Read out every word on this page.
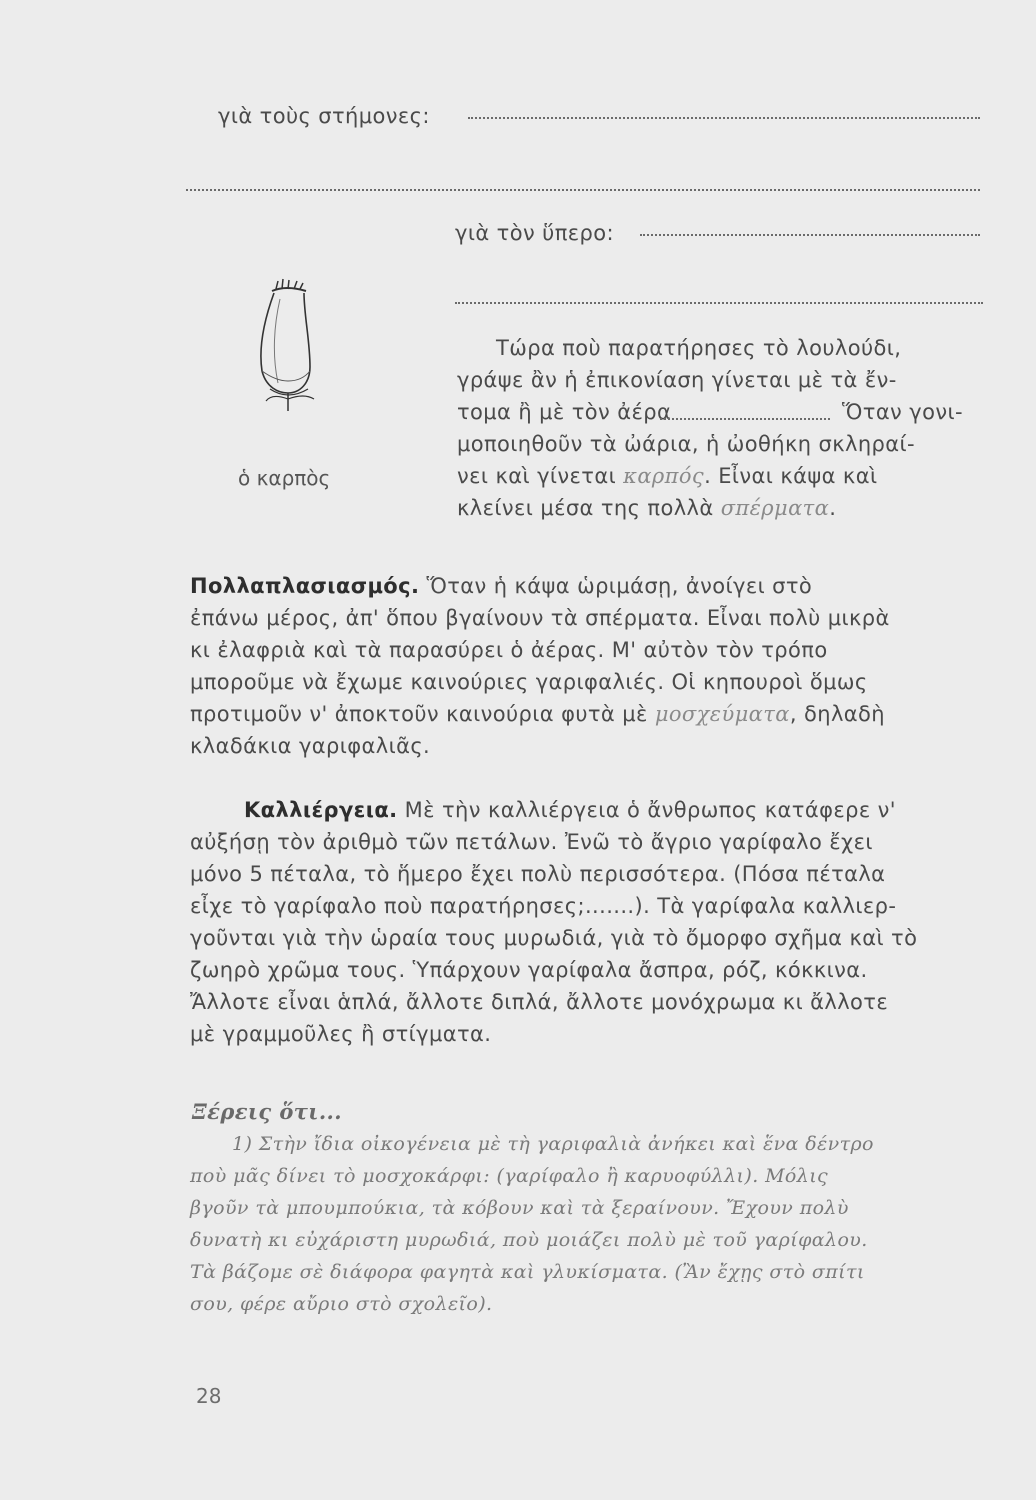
γιὰ τοὺς στήμονες:
γιὰ τὸν ὕπερο:
ὁ καρπὸς
Τώρα ποὺ παρατήρησες τὸ λουλούδι,
γράψε ἂν ἡ ἐπικονίαση γίνεται μὲ τὰ ἔν-
τομα ἢ μὲ τὸν ἀέρα	Ὅταν γονι-
μοποιηθοῦν τὰ ὠάρια, ἡ ὠοθήκη σκληραί-
νει καὶ γίνεται καρπός. Εἶναι κάψα καὶ
κλείνει μέσα της πολλὰ σπέρματα.
Πολλαπλασιασμός. Ὅταν ἡ κάψα ὡριμάσῃ, ἀνοίγει στὸ
ἐπάνω μέρος, ἀπ' ὅπου βγαίνουν τὰ σπέρματα. Εἶναι πολὺ μικρὰ
κι ἐλαφριὰ καὶ τὰ παρασύρει ὁ ἀέρας. Μ' αὐτὸν τὸν τρόπο
μποροῦμε νὰ ἔχωμε καινούριες γαριφαλιές. Οἱ κηπουροὶ ὅμως
προτιμοῦν ν' ἀποκτοῦν καινούρια φυτὰ μὲ μοσχεύματα, δηλαδὴ
κλαδάκια γαριφαλιᾶς.
Καλλιέργεια. Μὲ τὴν καλλιέργεια ὁ ἄνθρωπος κατάφερε ν'
αὐξήσῃ τὸν ἀριθμὸ τῶν πετάλων. Ἐνῶ τὸ ἄγριο γαρίφαλο ἔχει
μόνο 5 πέταλα, τὸ ἥμερο ἔχει πολὺ περισσότερα. (Πόσα πέταλα
εἶχε τὸ γαρίφαλο ποὺ παρατήρησες;.......). Τὰ γαρίφαλα καλλιερ-
γοῦνται γιὰ τὴν ὡραία τους μυρωδιά, γιὰ τὸ ὄμορφο σχῆμα καὶ τὸ
ζωηρὸ χρῶμα τους. Ὑπάρχουν γαρίφαλα ἄσπρα, ρόζ, κόκκινα.
Ἄλλοτε εἶναι ἁπλά, ἄλλοτε διπλά, ἄλλοτε μονόχρωμα κι ἄλλοτε
μὲ γραμμοῦλες ἢ στίγματα.
Ξέρεις ὅτι...
1) Στὴν ἴδια οἰκογένεια μὲ τὴ γαριφαλιὰ ἀνήκει καὶ ἕνα δέντρο
ποὺ μᾶς δίνει τὸ μοσχοκάρφι: (γαρίφαλο ἢ καρυοφύλλι). Μόλις
βγοῦν τὰ μπουμπούκια, τὰ κόβουν καὶ τὰ ξεραίνουν. Ἔχουν πολὺ
δυνατὴ κι εὐχάριστη μυρωδιά, ποὺ μοιάζει πολὺ μὲ τοῦ γαρίφαλου.
Τὰ βάζομε σὲ διάφορα φαγητὰ καὶ γλυκίσματα. (Ἂν ἔχῃς στὸ σπίτι
σου, φέρε αὔριο στὸ σχολεῖο).
28
